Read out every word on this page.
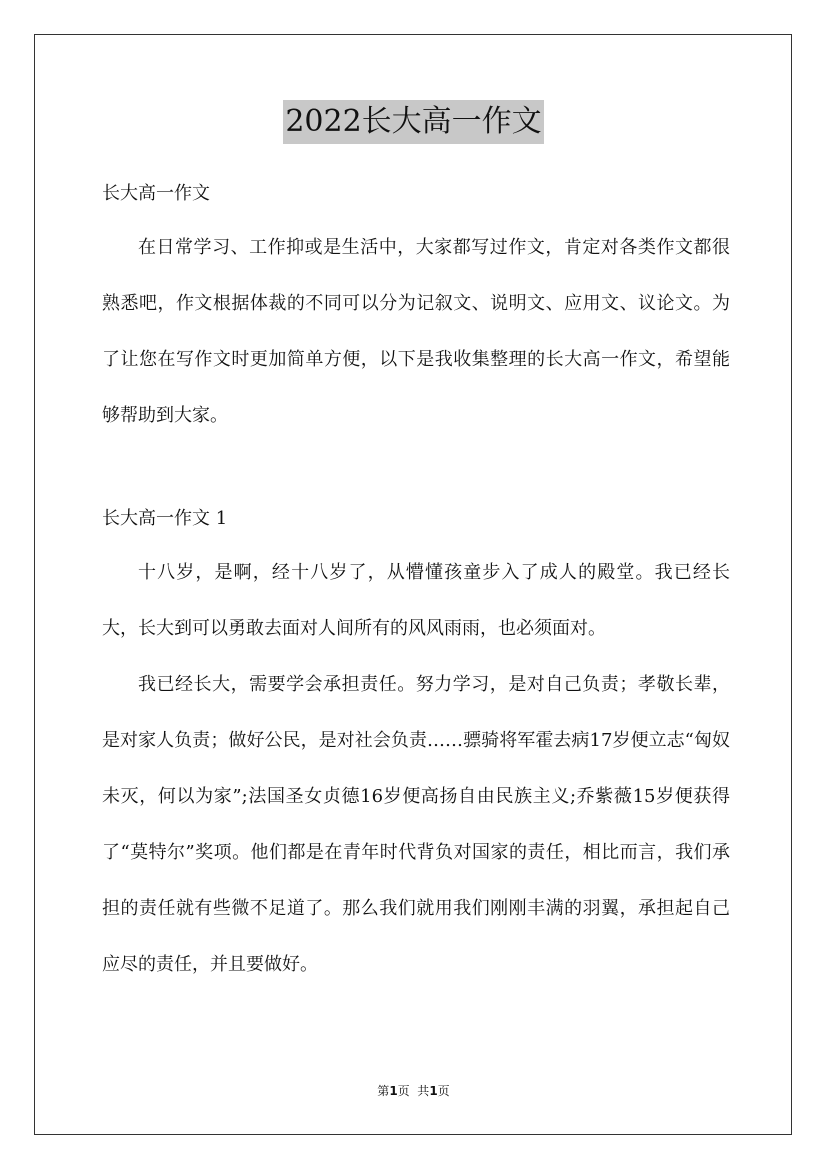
2022长大高一作文
长大高一作文

在日常学习、工作抑或是生活中，大家都写过作文，肯定对各类作文都很熟悉吧，作文根据体裁的不同可以分为记叙文、说明文、应用文、议论文。为了让您在写作文时更加简单方便，以下是我收集整理的长大高一作文，希望能够帮助到大家。

长大高一作文 1

十八岁，是啊，经十八岁了，从懵懂孩童步入了成人的殿堂。我已经长大，长大到可以勇敢去面对人间所有的风风雨雨，也必须面对。

我已经长大，需要学会承担责任。努力学习，是对自己负责；孝敬长辈，是对家人负责；做好公民，是对社会负责……骠骑将军霍去病17岁便立志“匈奴未灭，何以为家”;法国圣女贞德16岁便高扬自由民族主义;乔紫薇15岁便获得了“莫特尔”奖项。他们都是在青年时代背负对国家的责任，相比而言，我们承担的责任就有些微不足道了。那么我们就用我们刚刚丰满的羽翼，承担起自己应尽的责任，并且要做好。

第1页  共1页
